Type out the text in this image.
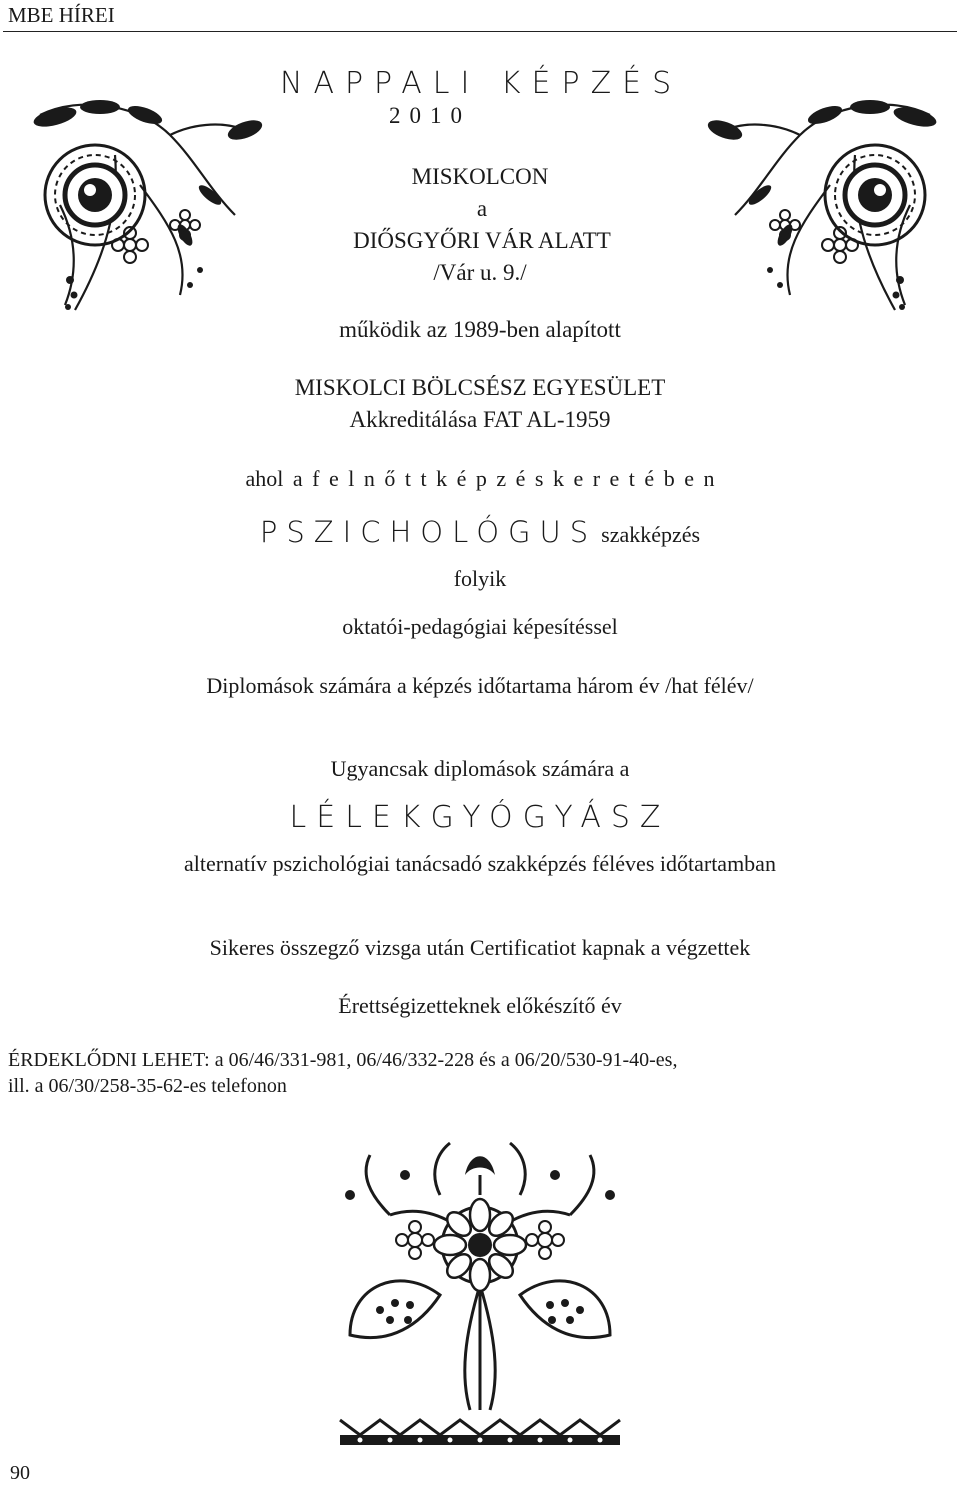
MBE HÍREI
NAPPALI KÉPZÉS
2010
MISKOLCON
a
DIŐSGYŐRI VÁR ALATT
/Vár u. 9./
működik az 1989-ben alapított
MISKOLCI BÖLCSÉSZ EGYESÜLET
Akkreditálása FAT AL-1959
ahol a f e l n ő t t k é p z é s k e r e t é b e n
PSZICHOLÓGUS szakképzés
folyik
oktatói-pedagógiai képesítéssel
Diplomások számára a képzés időtartama három év /hat félév/
Ugyancsak diplomások számára a
LÉLEKGYÓGYÁSZ
alternatív pszichológiai tanácsadó szakképzés féléves időtartamban
Sikeres összegző vizsga után Certificatiot kapnak a végzettek
Érettségizetteknek előkészítő év
ÉRDEKLŐDNI LEHET: a 06/46/331-981, 06/46/332-228 és a 06/20/530-91-40-es,
ill. a 06/30/258-35-62-es telefonon
90
